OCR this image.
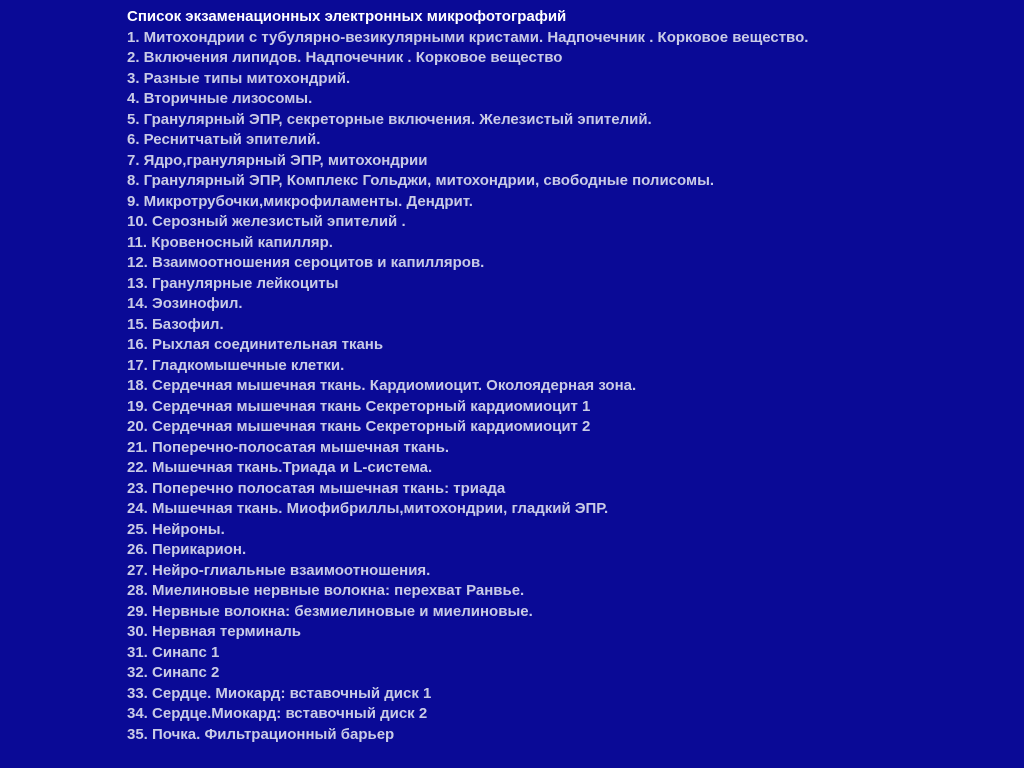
Список экзаменационных электронных микрофотографий
1. Митохондрии с тубулярно-везикулярными кристами. Надпочечник . Корковое вещество.
2. Включения липидов. Надпочечник . Корковое вещество
3. Разные типы митохондрий.
4. Вторичные лизосомы.
5. Гранулярный ЭПР, секреторные включения. Железистый эпителий.
6. Реснитчатый эпителий.
7. Ядро,гранулярный ЭПР, митохондрии
8. Гранулярный ЭПР, Комплекс Гольджи, митохондрии, свободные полисомы.
9. Микротрубочки,микрофиламенты. Дендрит.
10. Серозный железистый эпителий .
11. Кровеносный капилляр.
12. Взаимоотношения сероцитов и капилляров.
13. Гранулярные лейкоциты
14. Эозинофил.
15. Базофил.
16. Рыхлая соединительная ткань
17. Гладкомышечные клетки.
18. Сердечная мышечная ткань. Кардиомиоцит. Околоядерная зона.
19. Сердечная мышечная ткань Секреторный кардиомиоцит 1
20. Сердечная мышечная ткань Секреторный кардиомиоцит 2
21. Поперечно-полосатая мышечная ткань.
22. Мышечная ткань.Триада и L-система.
23. Поперечно полосатая мышечная ткань: триада
24. Мышечная ткань. Миофибриллы,митохондрии, гладкий ЭПР.
25. Нейроны.
26. Перикарион.
27. Нейро-глиальные взаимоотношения.
28. Миелиновые нервные волокна: перехват Ранвье.
29. Нервные волокна: безмиелиновые и миелиновые.
30. Нервная терминаль
31. Синапс 1
32. Синапс 2
33. Сердце. Миокард: вставочный диск 1
34. Сердце.Миокард: вставочный диск 2
35. Почка. Фильтрационный барьер
